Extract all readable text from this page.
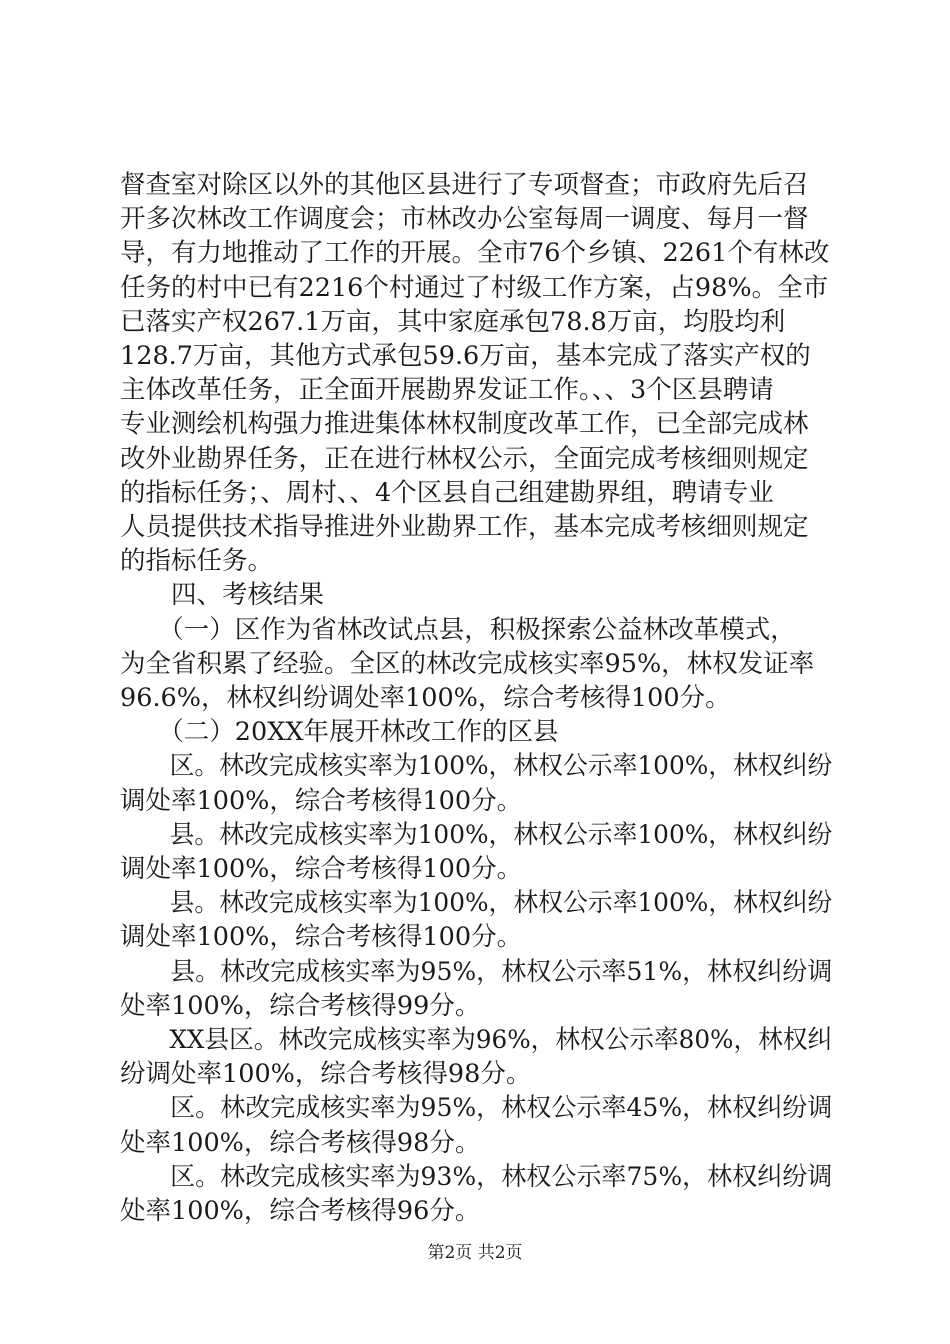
督查室对除区以外的其他区县进行了专项督查；市政府先后召
开多次林改工作调度会；市林改办公室每周一调度、每月一督
导，有力地推动了工作的开展。全市76个乡镇、2261个有林改
任务的村中已有2216个村通过了村级工作方案，占98%。全市
已落实产权267.1万亩，其中家庭承包78.8万亩，均股均利
128.7万亩，其他方式承包59.6万亩，基本完成了落实产权的
主体改革任务，正全面开展勘界发证工作。、、3个区县聘请
专业测绘机构强力推进集体林权制度改革工作，已全部完成林
改外业勘界任务，正在进行林权公示，全面完成考核细则规定
的指标任务；、周村、、4个区县自己组建勘界组，聘请专业
人员提供技术指导推进外业勘界工作，基本完成考核细则规定
的指标任务。
　　四、考核结果
　　（一）区作为省林改试点县，积极探索公益林改革模式，
为全省积累了经验。全区的林改完成核实率95%，林权发证率
96.6%，林权纠纷调处率100%，综合考核得100分。
　　（二）20XX年展开林改工作的区县
　　区。林改完成核实率为100%，林权公示率100%，林权纠纷
调处率100%，综合考核得100分。
　　县。林改完成核实率为100%，林权公示率100%，林权纠纷
调处率100%，综合考核得100分。
　　县。林改完成核实率为100%，林权公示率100%，林权纠纷
调处率100%，综合考核得100分。
　　县。林改完成核实率为95%，林权公示率51%，林权纠纷调
处率100%，综合考核得99分。
　　XX县区。林改完成核实率为96%，林权公示率80%，林权纠
纷调处率100%，综合考核得98分。
　　区。林改完成核实率为95%，林权公示率45%，林权纠纷调
处率100%，综合考核得98分。
　　区。林改完成核实率为93%，林权公示率75%，林权纠纷调
处率100%，综合考核得96分。
第2页 共2页
